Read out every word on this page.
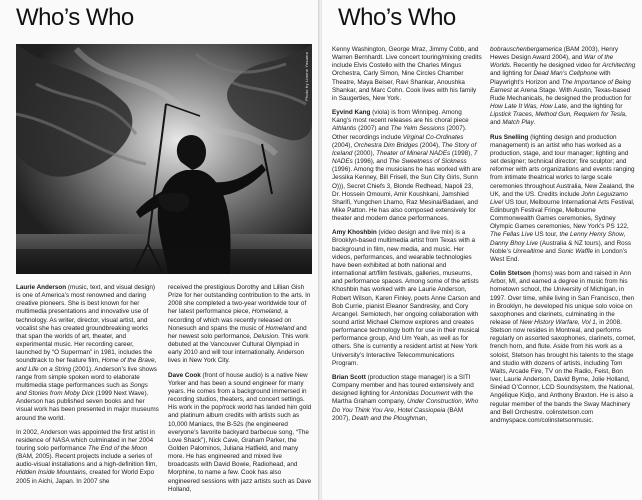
Who’s Who
Photo by Lianne Yasuma

Laurie Anderson (music, text, and visual design) is one of America’s most renowned and daring creative pioneers. She is best known for her multimedia presentations and innovative use of technology. As writer, director, visual artist, and vocalist she has created groundbreaking works that span the worlds of art, theater, and experimental music. Her recording career, launched by “O Superman” in 1981, includes the soundtrack to her feature film, Home of the Brave, and Life on a String (2001). Anderson’s live shows range from simple spoken word to elaborate multimedia stage performances such as Songs and Stories from Moby Dick (1999 Next Wave). Anderson has published seven books and her visual work has been presented in major museums around the world.

In 2002, Anderson was appointed the first artist in residence of NASA which culminated in her 2004 touring solo performance The End of the Moon (BAM, 2005). Recent projects include a series of audio-visual installations and a high-definition film, Hidden Inside Mountains, created for World Expo 2005 in Aichi, Japan. In 2007 she

received the prestigious Dorothy and Lillian Gish Prize for her outstanding contribution to the arts. In 2008 she completed a two-year worldwide tour of her latest performance piece, Homeland, a recording of which was recently released on Nonesuch and spans the music of Homeland and her newest solo performance, Delusion. This work debuted at the Vancouver Cultural Olympiad in early 2010 and will tour internationally. Anderson lives in New York City.

Dave Cook (front of house audio) is a native New Yorker and has been a sound engineer for many years. He comes from a background immersed in recording studios, theaters, and concert settings. His work in the pop/rock world has landed him gold and platinum album credits with artists such as 10,000 Maniacs, the B-52s (he engineered everyone’s favorite backyard barbecue song, “The Love Shack”), Nick Cave, Graham Parker, the Golden Palominos, Juliana Hatfield, and many more. He has engineered and mixed live broadcasts with David Bowie, Radiohead, and Morphine, to name a few. Cook has also engineered sessions with jazz artists such as Dave Holland,

Who’s Who

Kenny Washington, George Mraz, Jimmy Cobb, and Warren Bernhardt. Live concert touring/mixing credits include Elvis Costello with the Charles Mingus Orchestra, Carly Simon, Nine Circles Chamber Theatre, Maya Beiser, Ravi Shankar, Anoushka Shankar, and Marc Cohn. Cook lives with his family in Saugerties, New York.

Eyvind Kang (viola) is from Winnipeg. Among Kang’s most recent releases are his choral piece Athlantis (2007) and The Yelm Sessions (2007). Other recordings include Virginal Co-Ordinates (2004), Orchestra Dim Bridges (2004), The Story of Iceland (2000), Theater of Mineral NADEs (1998), 7 NADEs (1996), and The Sweetness of Sickness (1996). Among the musicians he has worked with are Jessika Kenney, Bill Frisell, the Sun City Girls, Sunn O))), Secret Chiefs 3, Blonde Redhead, Napoli 23, Dr. Hossein Omoumi, Amir Koushkani, Jamshied Sharifi, Yungchen Lhamo, Raz Mesinai/Badawi, and Mike Patton. He has also composed extensively for theater and modern dance performances.

Amy Khoshbin (video design and live mix) is a Brooklyn-based multimedia artist from Texas with a background in film, new media, and music. Her videos, performances, and wearable technologies have been exhibited at both national and international art/film festivals, galleries, museums, and performance spaces. Among some of the artists Khoshbin has worked with are Laurie Anderson, Robert Wilson, Karen Finley, poets Anne Carson and Bob Currie, pianist Eleanor Sandresky, and Cory Arcangel. Semiotech, her ongoing collaboration with sound artist Michael Clemow explores and creates performance technology both for use in their musical performance group, And Um Yeah, as well as for others. She is currently a resident artist at New York University’s Interactive Telecommunications Program.

Brian Scott (production stage manager) is a SITI Company member and has toured extensively and designed lighting for Antonidas Document with the Martha Graham company, Under Construction, Who Do You Think You Are, Hotel Cassiopeia (BAM 2007), Death and the Ploughman,

bobrauschenbergamerica (BAM 2003), Henry Hewes Design Award 2004), and War of the Worlds. Recently he designed video for Architecting and lighting for Dead Man’s Cellphone with Playwright’s Horizon and The Importance of Being Earnest at Arena Stage. With Austin, Texas-based Rude Mechanicals, he designed the production for How Late It Was, How Late, and the lighting for Lipstick Traces, Method Gun, Requiem for Tesla, and Match Play.

Rus Snelling (lighting design and production management) is an artist who has worked as a production, stage, and tour manager; lighting and set designer; technical director; fire sculptor; and reformer with arts organizations and events ranging from intimate theatrical works to large scale ceremonies throughout Australia, New Zealand, the UK, and the US. Credits include John Leguizamo Live! US tour, Melbourne International Arts Festival, Edinburgh Festival Fringe, Melbourne Commonwealth Games ceremonies, Sydney Olympic Games ceremonies, New York’s PS 122, The Fellas Live US tour, the Lenny Henry Show, Danny Bhoy Live (Australia & NZ tours), and Ross Noble’s Unrealtime and Sonic Waffle in London’s West End.

Colin Stetson (horns) was born and raised in Ann Arbor, MI, and earned a degree in music from his hometown school, the University of Michigan, in 1997. Over time, while living in San Francisco, then in Brooklyn, he developed his unique solo voice on saxophones and clarinets, culminating in the release of New History Warfare, Vol 1, in 2008. Stetson now resides in Montreal, and performs regularly on assorted saxophones, clarinets, cornet, french horn, and flute. Aside from his work as a soloist, Stetson has brought his talents to the stage and studio with dozens of artists, including Tom Waits, Arcade Fire, TV on the Radio, Feist, Bon Iver, Laurie Anderson, David Byrne, Jolie Holland, Sinéad O’Connor, LCD Soundsystem, the National, Angélique Kidjo, and Anthony Braxton. He is also a regular member of the bands the Sway Machinery and Bell Orchestre. colinstetson.com andmyspace.com/colinstetsonmusic.
